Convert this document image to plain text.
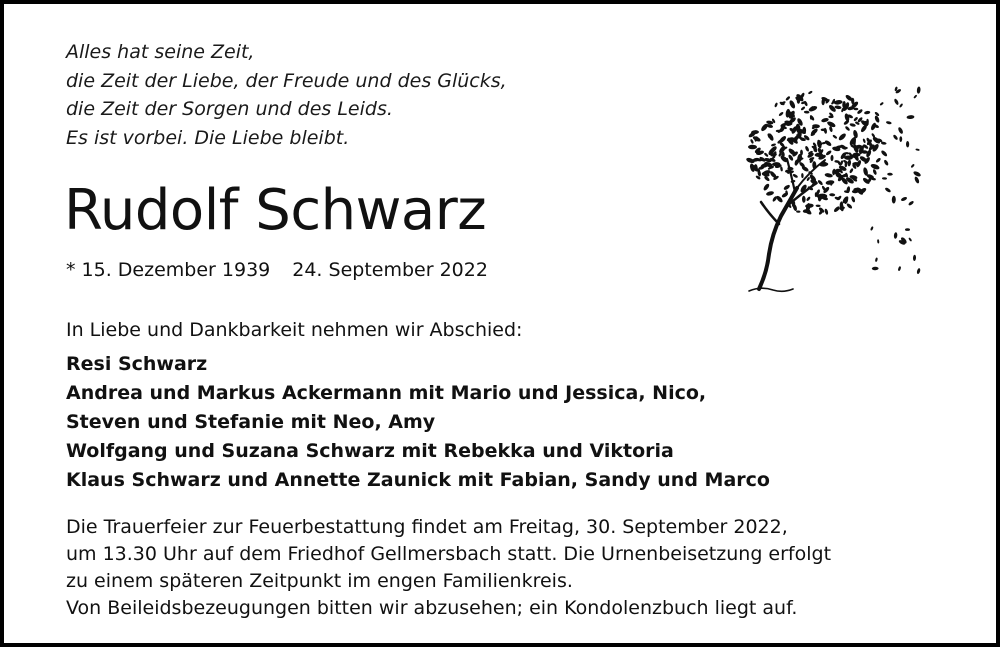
Alles hat seine Zeit,
die Zeit der Liebe, der Freude und des Glücks,
die Zeit der Sorgen und des Leids.
Es ist vorbei. Die Liebe bleibt.
Rudolf Schwarz
* 15. Dezember 1939 24. September 2022
In Liebe und Dankbarkeit nehmen wir Abschied:
Resi Schwarz
Andrea und Markus Ackermann mit Mario und Jessica, Nico,
Steven und Stefanie mit Neo, Amy
Wolfgang und Suzana Schwarz mit Rebekka und Viktoria
Klaus Schwarz und Annette Zaunick mit Fabian, Sandy und Marco
Die Trauerfeier zur Feuerbestattung findet am Freitag, 30. September 2022,
um 13.30 Uhr auf dem Friedhof Gellmersbach statt. Die Urnenbeisetzung erfolgt
zu einem späteren Zeitpunkt im engen Familienkreis.
Von Beileidsbezeugungen bitten wir abzusehen; ein Kondolenzbuch liegt auf.
